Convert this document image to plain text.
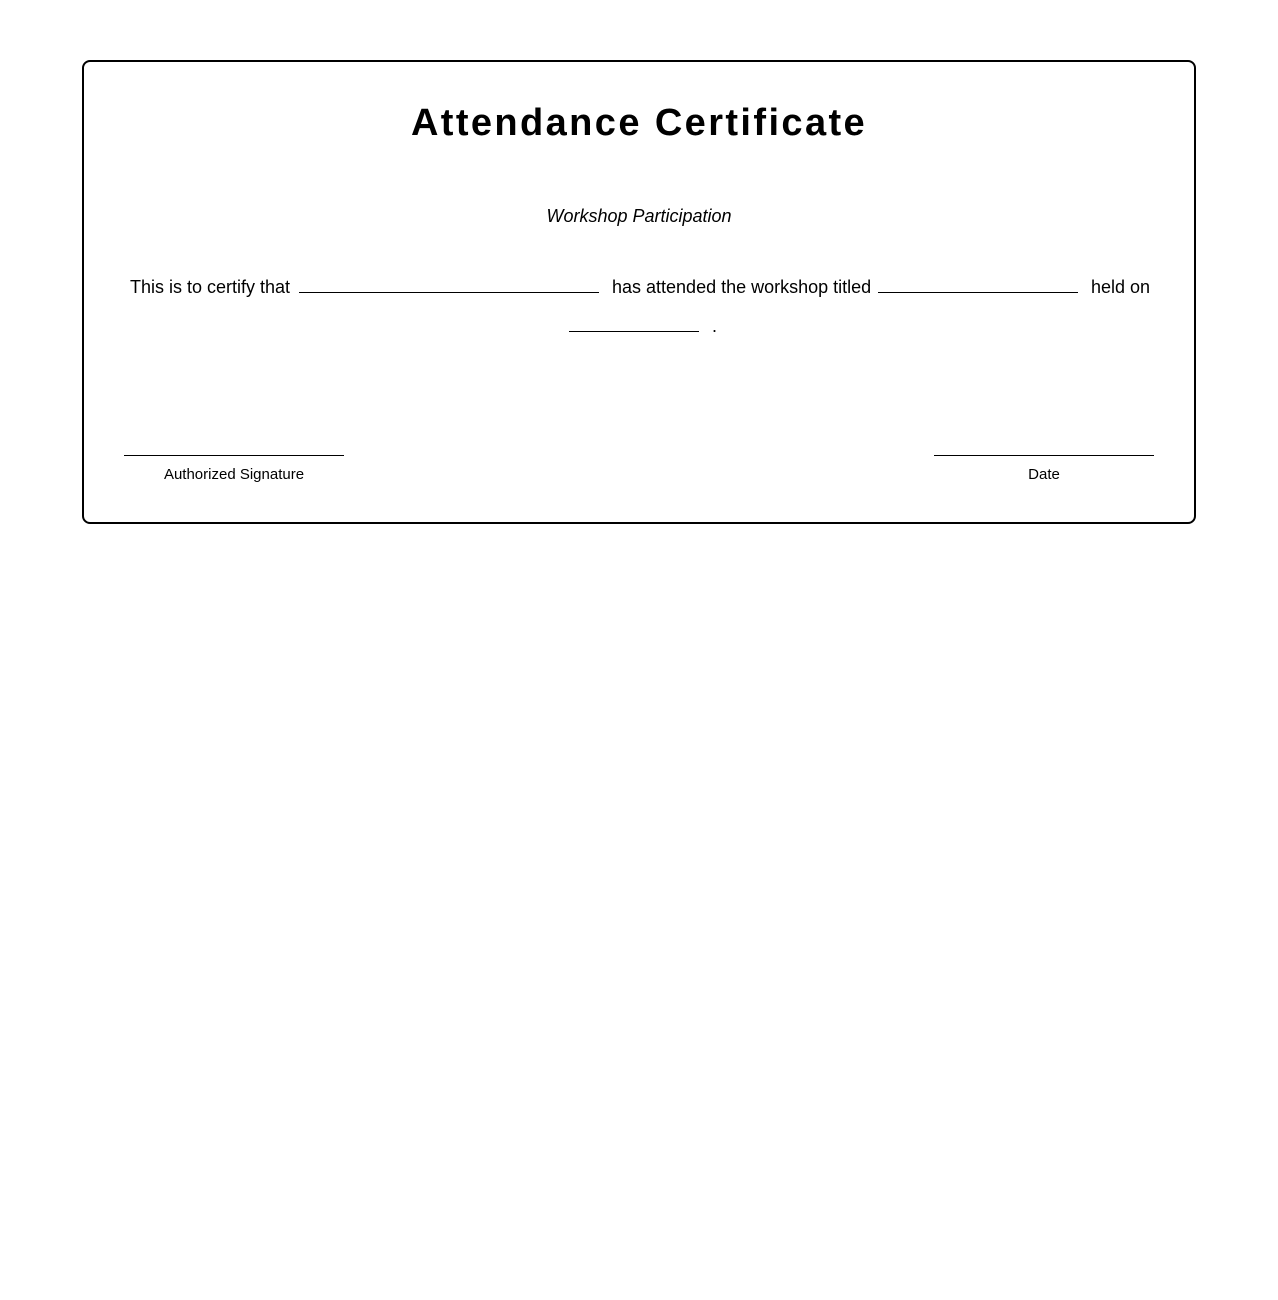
Attendance Certificate
Workshop Participation
This is to certify that	has attended the workshop titled	held on
.
Authorized Signature	Date
